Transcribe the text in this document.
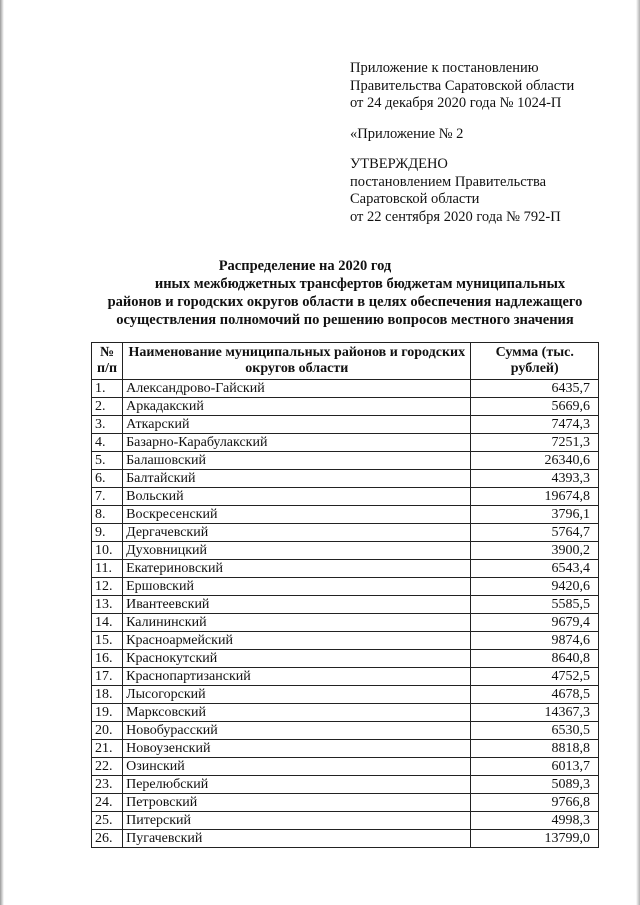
Приложение к постановлению
Правительства Саратовской области
от 24 декабря 2020 года № 1024-П
«Приложение № 2
УТВЕРЖДЕНО
постановлением Правительства
Саратовской области
от 22 сентября 2020 года № 792-П
Распределение на 2020 год
иных межбюджетных трансфертов бюджетам муниципальных
районов и городских округов области в целях обеспечения надлежащего
осуществления полномочий по решению вопросов местного значения
№ п/п	Наименование муниципальных районов и городских округов области	Сумма (тыс. рублей)
1.	Александрово-Гайский	6435,7
2.	Аркадакский	5669,6
3.	Аткарский	7474,3
4.	Базарно-Карабулакский	7251,3
5.	Балашовский	26340,6
6.	Балтайский	4393,3
7.	Вольский	19674,8
8.	Воскресенский	3796,1
9.	Дергачевский	5764,7
10.	Духовницкий	3900,2
11.	Екатериновский	6543,4
12.	Ершовский	9420,6
13.	Ивантеевский	5585,5
14.	Калининский	9679,4
15.	Красноармейский	9874,6
16.	Краснокутский	8640,8
17.	Краснопартизанский	4752,5
18.	Лысогорский	4678,5
19.	Марксовский	14367,3
20.	Новобурасский	6530,5
21.	Новоузенский	8818,8
22.	Озинский	6013,7
23.	Перелюбский	5089,3
24.	Петровский	9766,8
25.	Питерский	4998,3
26.	Пугачевский	13799,0
